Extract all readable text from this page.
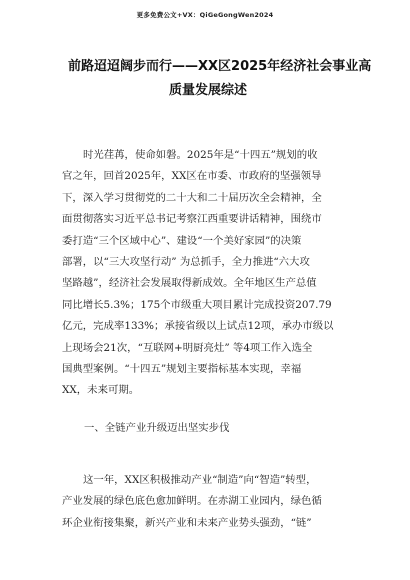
更多免费公文+VX：QiGeGongWen2024
前路迢迢阔步而行——XX区2025年经济社会事业高
质量发展综述
时光荏苒，使命如磐。2025年是“十四五”规划的收
官之年，回首2025年，XX区在市委、市政府的坚强领导
下，深入学习贯彻党的二十大和二十届历次全会精神，全
面贯彻落实习近平总书记考察江西重要讲话精神，围绕市
委打造“三个区域中心”、建设“一个美好家园”的决策
部署，以“三大攻坚行动” 为总抓手，全力推进“六大攻
坚路越”，经济社会发展取得新成效。全年地区生产总值
同比增长5.3%；175个市级重大项目累计完成投资207.79
亿元，完成率133%；承接省级以上试点12项，承办市级以
上现场会21次，“互联网+明厨亮灶” 等4项工作入选全
国典型案例。“十四五”规划主要指标基本实现，幸福
XX，未来可期。
一、全链产业升级迈出坚实步伐
这一年，XX区积极推动产业“制造”向“智造”转型，
产业发展的绿色底色愈加鲜明。在赤湖工业园内，绿色循
环企业衔接集聚，新兴产业和未来产业势头强劲，“链”
